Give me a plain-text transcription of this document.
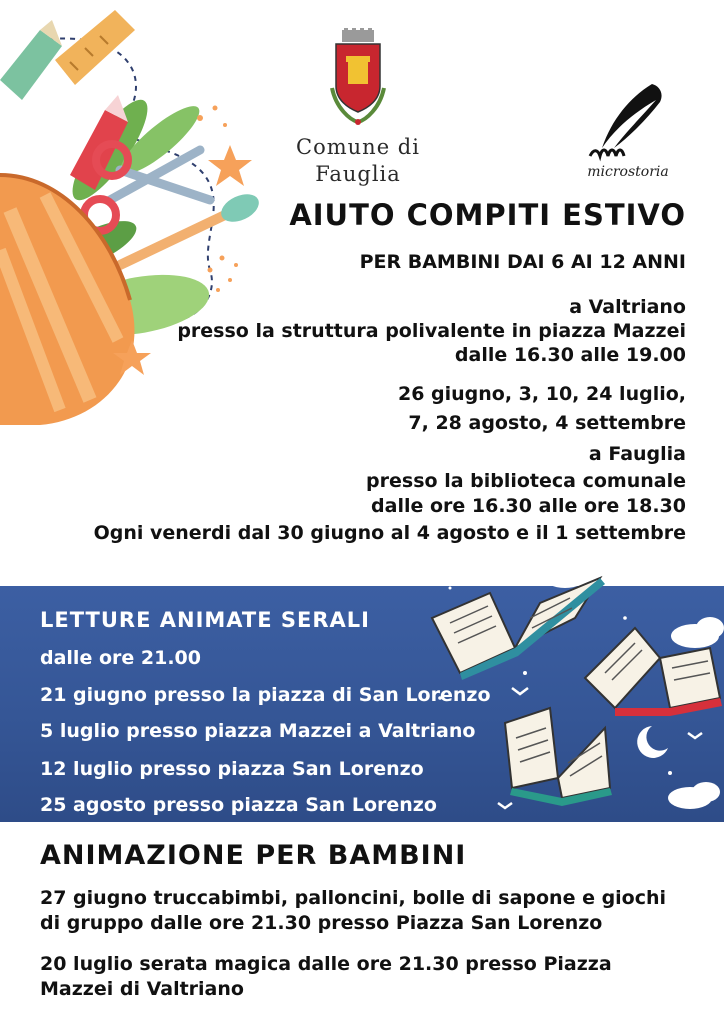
Comune di
Fauglia	microstoria
AIUTO COMPITI ESTIVO
PER BAMBINI DAI 6 AI 12 ANNI
a Valtriano
presso la struttura polivalente in piazza Mazzei
dalle 16.30 alle 19.00
26 giugno, 3, 10, 24 luglio,
7, 28 agosto, 4 settembre
a Fauglia
presso la biblioteca comunale
dalle ore 16.30 alle ore 18.30
Ogni venerdi dal 30 giugno al 4 agosto e il 1 settembre
LETTURE ANIMATE SERALI
dalle ore 21.00
21 giugno presso la piazza di San Lorenzo
5 luglio presso piazza Mazzei a Valtriano
12 luglio presso piazza San Lorenzo
25 agosto presso piazza San Lorenzo
ANIMAZIONE PER BAMBINI
27 giugno truccabimbi, palloncini, bolle di sapone e giochi di gruppo dalle ore 21.30 presso Piazza San Lorenzo
20 luglio serata magica dalle ore 21.30 presso Piazza Mazzei di Valtriano
